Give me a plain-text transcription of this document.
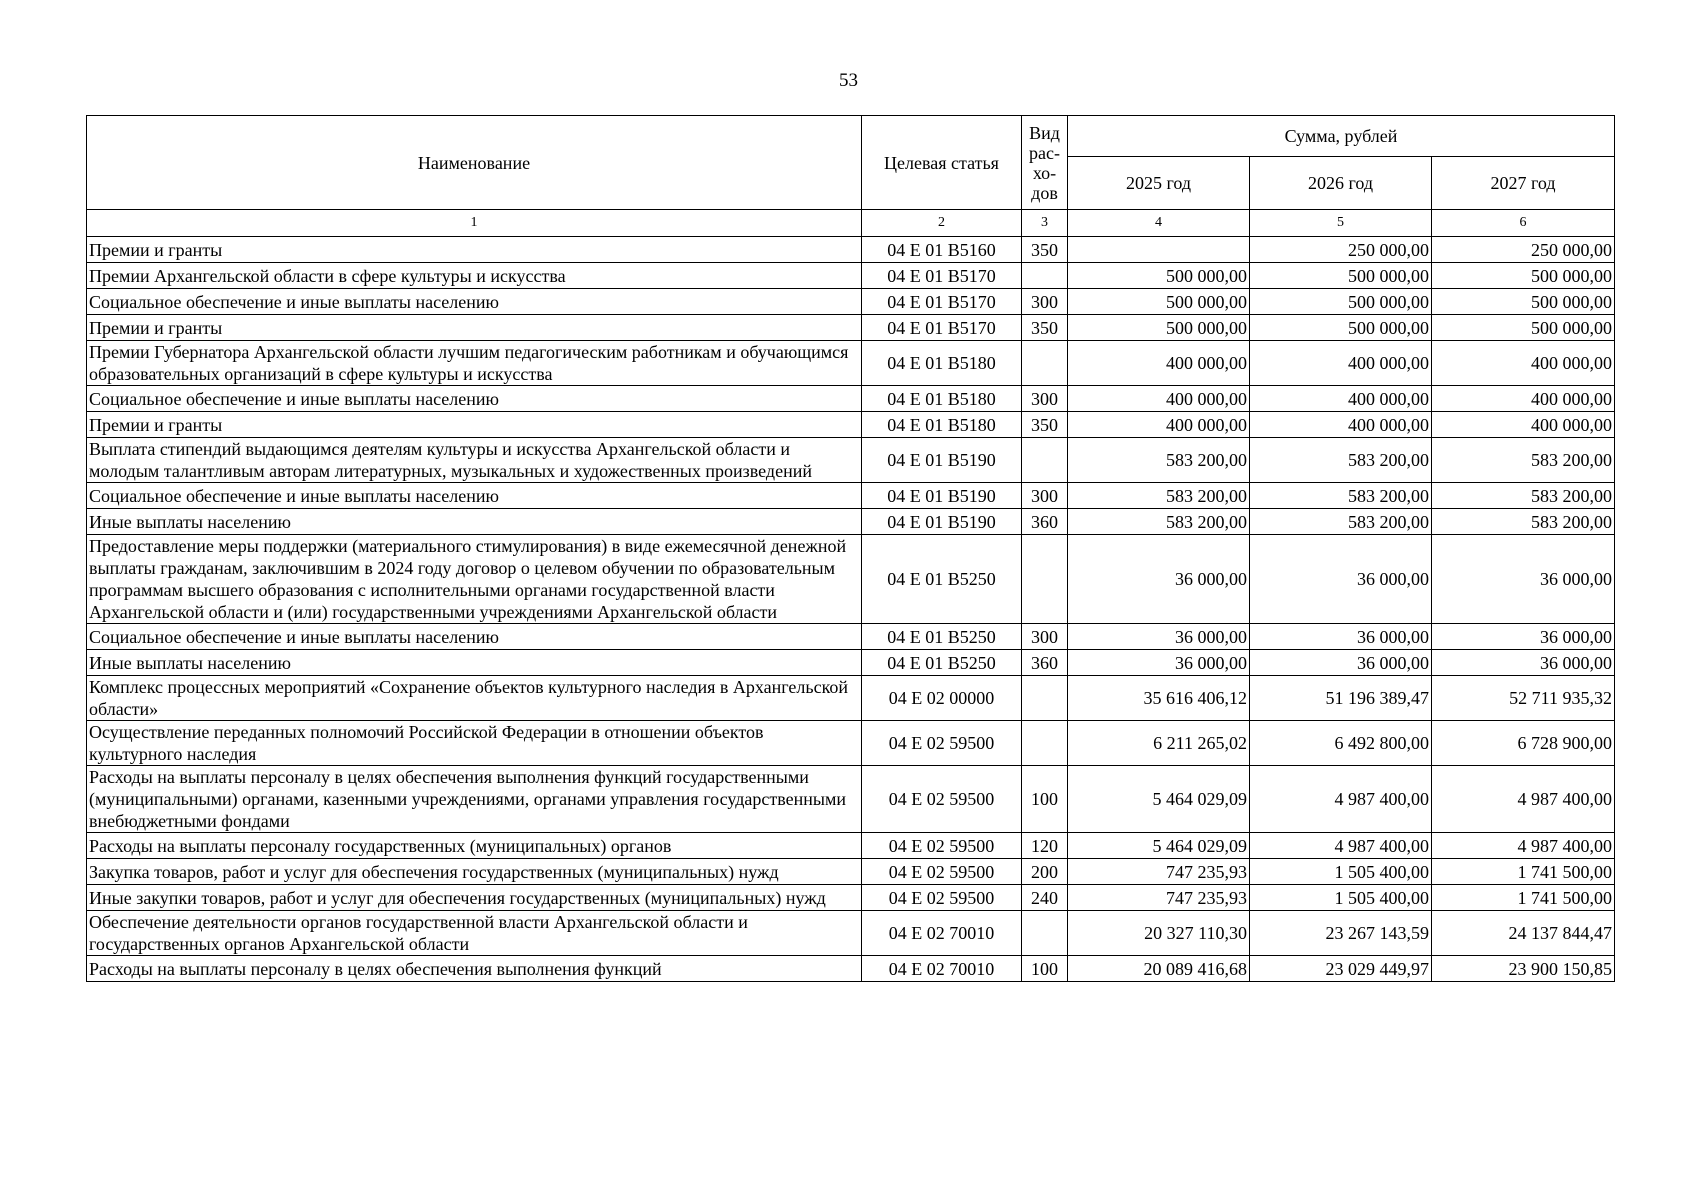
53
Наименование	Целевая статья	Вид
рас-
хо-
дов	Сумма, рублей		
			2025 год	2026 год	2027 год
1	2	3	4	5	6
Премии и гранты	04 Е 01 В5160	350		250 000,00	250 000,00
Премии Архангельской области в сфере культуры и искусства	04 Е 01 В5170		500 000,00	500 000,00	500 000,00
Социальное обеспечение и иные выплаты населению	04 Е 01 В5170	300	500 000,00	500 000,00	500 000,00
Премии и гранты	04 Е 01 В5170	350	500 000,00	500 000,00	500 000,00
Премии Губернатора Архангельской области лучшим педагогическим работникам и обучающимся образовательных организаций в сфере культуры и искусства	04 Е 01 В5180		400 000,00	400 000,00	400 000,00
Социальное обеспечение и иные выплаты населению	04 Е 01 В5180	300	400 000,00	400 000,00	400 000,00
Премии и гранты	04 Е 01 В5180	350	400 000,00	400 000,00	400 000,00
Выплата стипендий выдающимся деятелям культуры и искусства Архангельской области и молодым талантливым авторам литературных, музыкальных и художественных произведений	04 Е 01 В5190		583 200,00	583 200,00	583 200,00
Социальное обеспечение и иные выплаты населению	04 Е 01 В5190	300	583 200,00	583 200,00	583 200,00
Иные выплаты населению	04 Е 01 В5190	360	583 200,00	583 200,00	583 200,00
Предоставление меры поддержки (материального стимулирования) в виде ежемесячной денежной выплаты гражданам, заключившим в 2024 году договор о целевом обучении по образовательным программам высшего образования с исполнительными органами государственной власти Архангельской области и (или) государственными учреждениями Архангельской области	04 Е 01 В5250		36 000,00	36 000,00	36 000,00
Социальное обеспечение и иные выплаты населению	04 Е 01 В5250	300	36 000,00	36 000,00	36 000,00
Иные выплаты населению	04 Е 01 В5250	360	36 000,00	36 000,00	36 000,00
Комплекс процессных мероприятий «Сохранение объектов культурного наследия в Архангельской области»	04 Е 02 00000		35 616 406,12	51 196 389,47	52 711 935,32
Осуществление переданных полномочий Российской Федерации в отношении объектов культурного наследия	04 Е 02 59500		6 211 265,02	6 492 800,00	6 728 900,00
Расходы на выплаты персоналу в целях обеспечения выполнения функций государственными (муниципальными) органами, казенными учреждениями, органами управления государственными внебюджетными фондами	04 Е 02 59500	100	5 464 029,09	4 987 400,00	4 987 400,00
Расходы на выплаты персоналу государственных (муниципальных) органов	04 Е 02 59500	120	5 464 029,09	4 987 400,00	4 987 400,00
Закупка товаров, работ и услуг для обеспечения государственных (муниципальных) нужд	04 Е 02 59500	200	747 235,93	1 505 400,00	1 741 500,00
Иные закупки товаров, работ и услуг для обеспечения государственных (муниципальных) нужд	04 Е 02 59500	240	747 235,93	1 505 400,00	1 741 500,00
Обеспечение деятельности органов государственной власти Архангельской области и государственных органов Архангельской области	04 Е 02 70010		20 327 110,30	23 267 143,59	24 137 844,47
Расходы на выплаты персоналу в целях обеспечения выполнения функций	04 Е 02 70010	100	20 089 416,68	23 029 449,97	23 900 150,85
